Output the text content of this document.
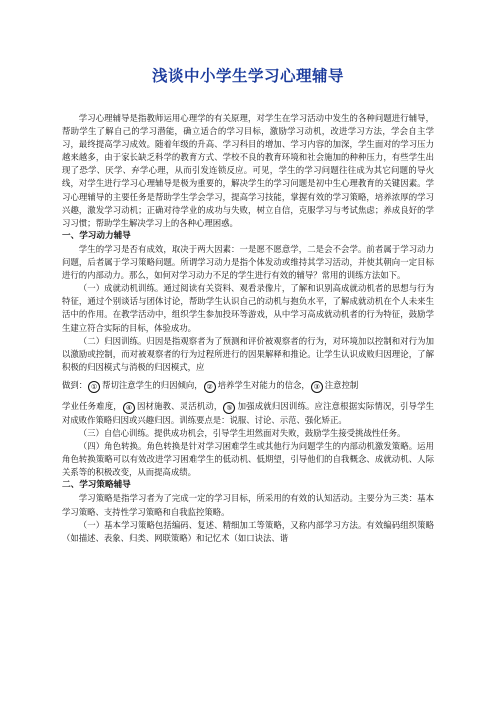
浅谈中小学生学习心理辅导

学习心理辅导是指教师运用心理学的有关原理，对学生在学习活动中发生的各种问题进行辅导，帮助学生了解自己的学习潜能，确立适合的学习目标，激励学习动机，改进学习方法，学会自主学习，最终提高学习成效。随着年级的升高、学习科目的增加、学习内容的加深，学生面对的学习压力越来越多，由于家长缺乏科学的教育方式、学校不良的教育环境和社会施加的种种压力，有些学生出现了恐学、厌学、弃学心理，从而引发连锁反应。可见，学生的学习问题往往成为其它问题的导火线，对学生进行学习心理辅导是极为重要的，解决学生的学习问题是初中生心理教育的关键因素。学习心理辅导的主要任务是帮助学生学会学习，提高学习技能，掌握有效的学习策略，培养浓厚的学习兴趣，激发学习动机；正确对待学业的成功与失败，树立自信，克服学习与考试焦虑；养成良好的学习习惯；帮助学生解决学习上的各种心理困惑。

一、学习动力辅导

学生的学习是否有成效，取决于两大因素：一是愿不愿意学，二是会不会学。前者属于学习动力问题，后者属于学习策略问题。所谓学习动力是指个体发动或维持其学习活动，并使其朝向一定目标进行的内部动力。那么，如何对学习动力不足的学生进行有效的辅导？常用的训练方法如下。

（一）成就动机训练。通过阅读有关资料、观看录像片，了解和识别高成就动机者的思想与行为特征，通过个别谈话与团体讨论，帮助学生认识自己的动机与抱负水平，了解成就动机在个人未来生活中的作用。在教学活动中，组织学生参加投环等游戏，从中学习高成就动机者的行为特征，鼓励学生建立符合实际的目标，体验成功。

（二）归因训练。归因是指观察者为了预测和评价被观察者的行为，对环境加以控制和对行为加以激励或控制，而对被观察者的行为过程所进行的因果解释和推论。让学生认识成败归因理论，了解积极的归因模式与消极的归因模式，应

做到： ① 帮切注意学生的归因倾向， ② 培养学生对能力的信念， ③ 注意控制
学业任务难度， ④ 因材施教、灵活机动， ⑤ 加强成就归因训练。应注意根据实际情况，引导学生对成败作策略归因或兴趣归因。训练要点是：说服、讨论、示范、强化矫正。

（三）自信心训练。提供成功机会，引导学生坦然面对失败，鼓励学生接受挑战性任务。

（四）角色转换。角色转换是针对学习困难学生或其他行为问题学生的内部动机激发策略。运用角色转换策略可以有效改进学习困难学生的低动机、低期望，引导他们的自我概念、成就动机、人际关系等的积极改变，从而提高成绩。

二、学习策略辅导

学习策略是指学习者为了完成一定的学习目标，所采用的有效的认知活动。主要分为三类：基本学习策略、支持性学习策略和自我监控策略。

（一）基本学习策略包括编码、复述、精细加工等策略，又称内部学习方法。有效编码组织策略（如描述、表象、归类、网联策略）和记忆术（如口诀法、谐
